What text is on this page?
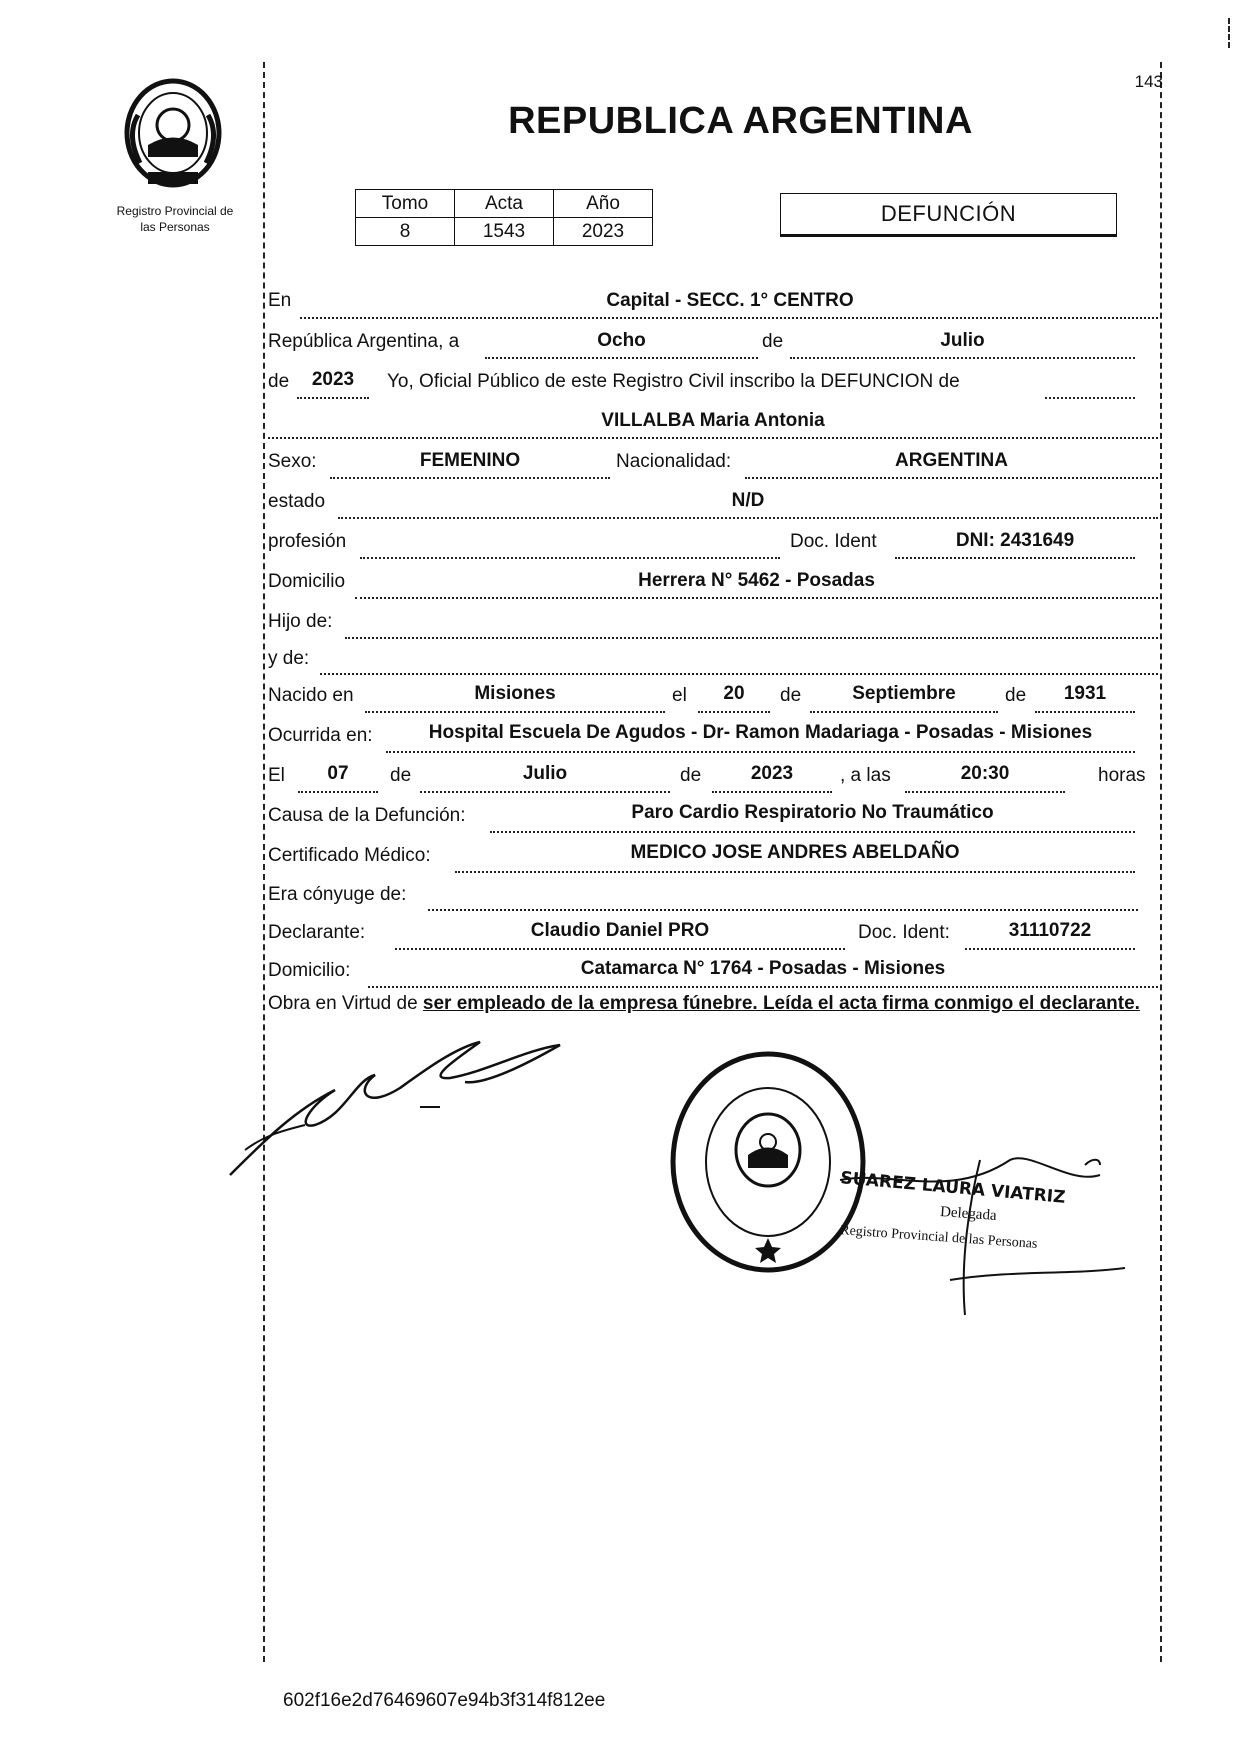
143
REPUBLICA ARGENTINA
Registro Provincial de
las Personas
Tomo	Acta	Año
8	1543	2023
DEFUNCIÓN
En	Capital - SECC. 1° CENTRO
República Argentina, a	Ocho	de	Julio
de	2023	Yo, Oficial Público de este Registro Civil inscribo la DEFUNCION de
VILLALBA Maria Antonia
Sexo:	FEMENINO	Nacionalidad:	ARGENTINA
estado	N/D
profesión	Doc. Ident	DNI: 2431649
Domicilio	Herrera N° 5462 - Posadas
Hijo de:
y de:
Nacido en	Misiones	el	20	de	Septiembre	de	1931
Ocurrida en:	Hospital Escuela De Agudos - Dr- Ramon Madariaga - Posadas - Misiones
El	07	de	Julio	de	2023	, a las	20:30	horas
Causa de la Defunción:	Paro Cardio Respiratorio No Traumático
Certificado Médico:	MEDICO JOSE ANDRES ABELDAÑO
Era cónyuge de:
Declarante:	Claudio Daniel PRO	Doc. Ident:	31110722
Domicilio:	Catamarca N° 1764 - Posadas - Misiones
Obra en Virtud de ser empleado de la empresa fúnebre. Leída el acta firma conmigo el declarante.
SUAREZ LAURA VIATRIZ
Delegada
Registro Provincial de las Personas
602f16e2d76469607e94b3f314f812ee
